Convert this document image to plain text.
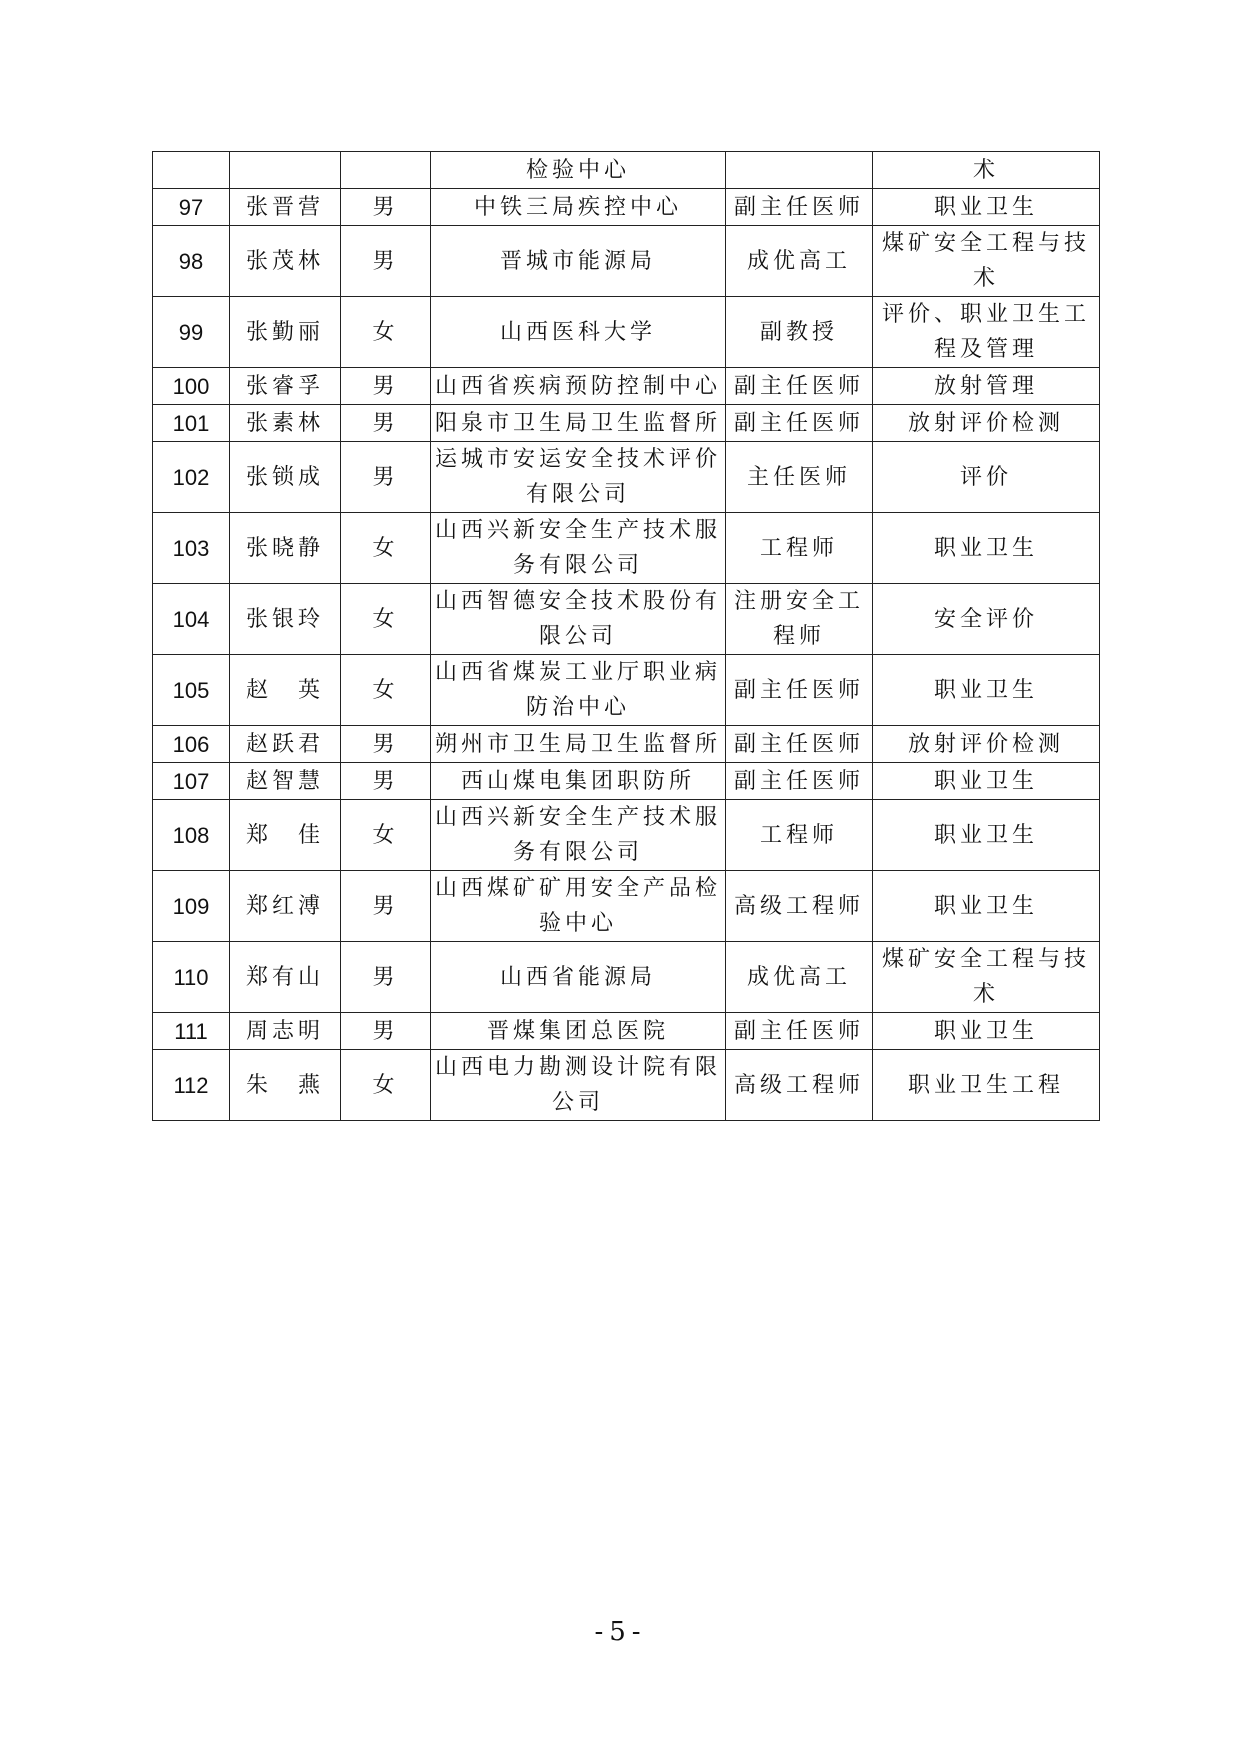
			检验中心		术
97	张晋营	男	中铁三局疾控中心	副主任医师	职业卫生
98	张茂林	男	晋城市能源局	成优高工	煤矿安全工程与技术
99	张勤丽	女	山西医科大学	副教授	评价、职业卫生工程及管理
100	张睿孚	男	山西省疾病预防控制中心	副主任医师	放射管理
101	张素林	男	阳泉市卫生局卫生监督所	副主任医师	放射评价检测
102	张锁成	男	运城市安运安全技术评价有限公司	主任医师	评价
103	张晓静	女	山西兴新安全生产技术服务有限公司	工程师	职业卫生
104	张银玲	女	山西智德安全技术股份有限公司	注册安全工程师	安全评价
105	赵　英	女	山西省煤炭工业厅职业病防治中心	副主任医师	职业卫生
106	赵跃君	男	朔州市卫生局卫生监督所	副主任医师	放射评价检测
107	赵智慧	男	西山煤电集团职防所	副主任医师	职业卫生
108	郑　佳	女	山西兴新安全生产技术服务有限公司	工程师	职业卫生
109	郑红溥	男	山西煤矿矿用安全产品检验中心	高级工程师	职业卫生
110	郑有山	男	山西省能源局	成优高工	煤矿安全工程与技术
111	周志明	男	晋煤集团总医院	副主任医师	职业卫生
112	朱　燕	女	山西电力勘测设计院有限公司	高级工程师	职业卫生工程
-5-
